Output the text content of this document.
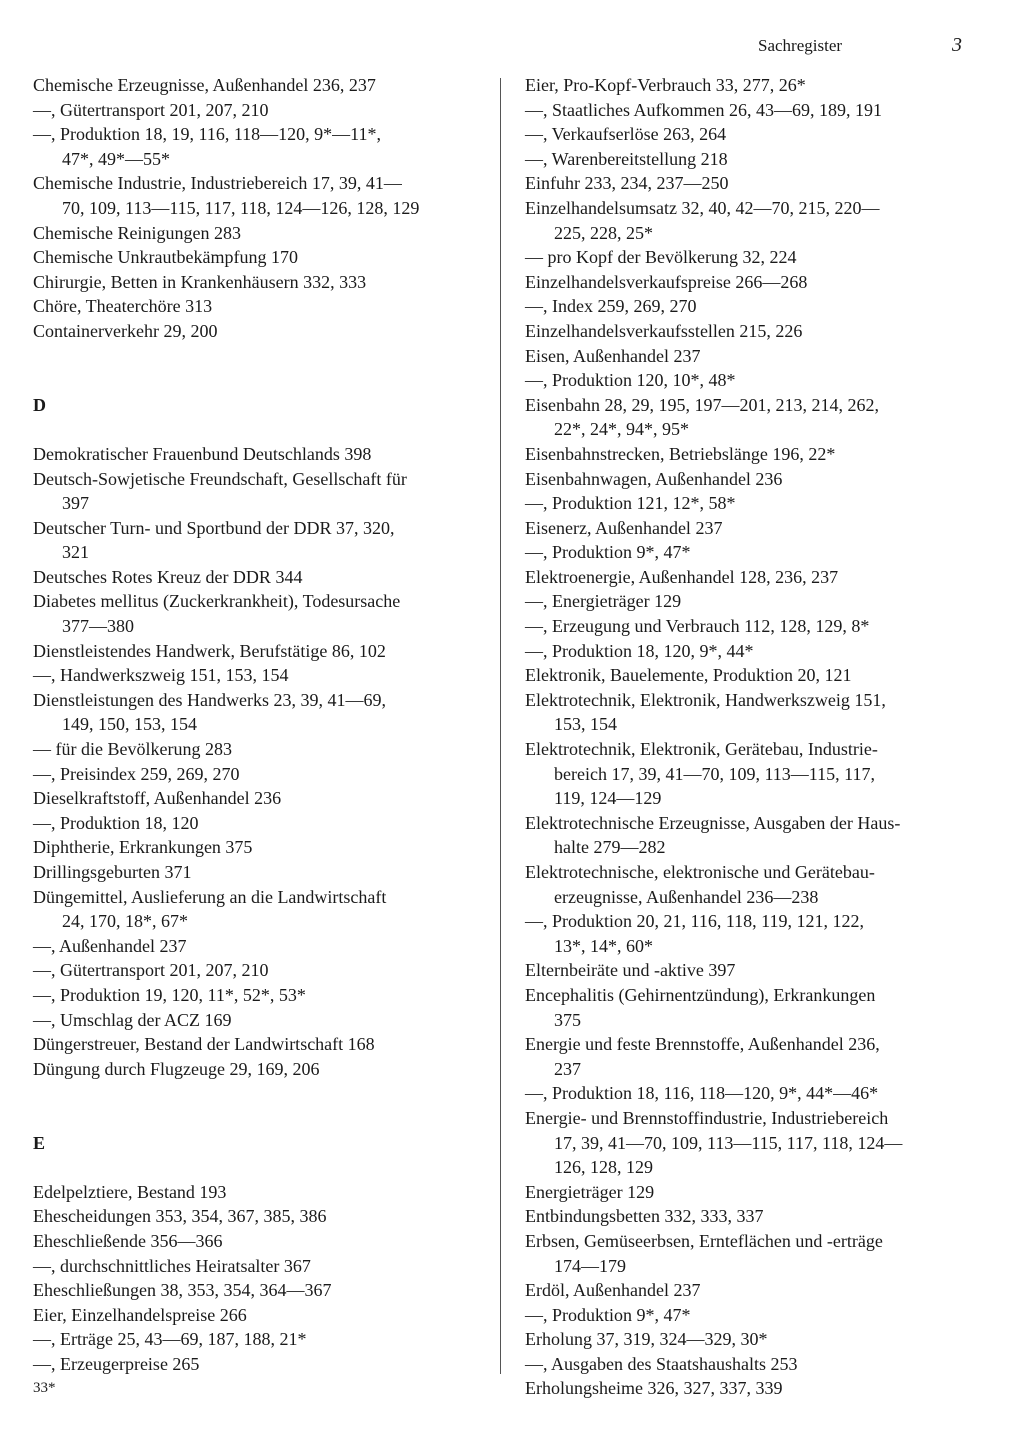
Sachregister	3
Chemische Erzeugnisse, Außenhandel 236, 237
—, Gütertransport 201, 207, 210
—, Produktion 18, 19, 116, 118—120, 9*—11*,
47*, 49*—55*
Chemische Industrie, Industriebereich 17, 39, 41—
70, 109, 113—115, 117, 118, 124—126, 128, 129
Chemische Reinigungen 283
Chemische Unkrautbekämpfung 170
Chirurgie, Betten in Krankenhäusern 332, 333
Chöre, Theaterchöre 313
Containerverkehr 29, 200
D
Demokratischer Frauenbund Deutschlands 398
Deutsch-Sowjetische Freundschaft, Gesellschaft für
397
Deutscher Turn- und Sportbund der DDR 37, 320,
321
Deutsches Rotes Kreuz der DDR 344
Diabetes mellitus (Zuckerkrankheit), Todesursache
377—380
Dienstleistendes Handwerk, Berufstätige 86, 102
—, Handwerkszweig 151, 153, 154
Dienstleistungen des Handwerks 23, 39, 41—69,
149, 150, 153, 154
— für die Bevölkerung 283
—, Preisindex 259, 269, 270
Dieselkraftstoff, Außenhandel 236
—, Produktion 18, 120
Diphtherie, Erkrankungen 375
Drillingsgeburten 371
Düngemittel, Auslieferung an die Landwirtschaft
24, 170, 18*, 67*
—, Außenhandel 237
—, Gütertransport 201, 207, 210
—, Produktion 19, 120, 11*, 52*, 53*
—, Umschlag der ACZ 169
Düngerstreuer, Bestand der Landwirtschaft 168
Düngung durch Flugzeuge 29, 169, 206
E
Edelpelztiere, Bestand 193
Ehescheidungen 353, 354, 367, 385, 386
Eheschließende 356—366
—, durchschnittliches Heiratsalter 367
Eheschließungen 38, 353, 354, 364—367
Eier, Einzelhandelspreise 266
—, Erträge 25, 43—69, 187, 188, 21*
—, Erzeugerpreise 265
Eier, Pro-Kopf-Verbrauch 33, 277, 26*
—, Staatliches Aufkommen 26, 43—69, 189, 191
—, Verkaufserlöse 263, 264
—, Warenbereitstellung 218
Einfuhr 233, 234, 237—250
Einzelhandelsumsatz 32, 40, 42—70, 215, 220—
225, 228, 25*
— pro Kopf der Bevölkerung 32, 224
Einzelhandelsverkaufspreise 266—268
—, Index 259, 269, 270
Einzelhandelsverkaufsstellen 215, 226
Eisen, Außenhandel 237
—, Produktion 120, 10*, 48*
Eisenbahn 28, 29, 195, 197—201, 213, 214, 262,
22*, 24*, 94*, 95*
Eisenbahnstrecken, Betriebslänge 196, 22*
Eisenbahnwagen, Außenhandel 236
—, Produktion 121, 12*, 58*
Eisenerz, Außenhandel 237
—, Produktion 9*, 47*
Elektroenergie, Außenhandel 128, 236, 237
—, Energieträger 129
—, Erzeugung und Verbrauch 112, 128, 129, 8*
—, Produktion 18, 120, 9*, 44*
Elektronik, Bauelemente, Produktion 20, 121
Elektrotechnik, Elektronik, Handwerkszweig 151,
153, 154
Elektrotechnik, Elektronik, Gerätebau, Industrie-
bereich 17, 39, 41—70, 109, 113—115, 117,
119, 124—129
Elektrotechnische Erzeugnisse, Ausgaben der Haus-
halte 279—282
Elektrotechnische, elektronische und Gerätebau-
erzeugnisse, Außenhandel 236—238
—, Produktion 20, 21, 116, 118, 119, 121, 122,
13*, 14*, 60*
Elternbeiräte und -aktive 397
Encephalitis (Gehirnentzündung), Erkrankungen
375
Energie und feste Brennstoffe, Außenhandel 236,
237
—, Produktion 18, 116, 118—120, 9*, 44*—46*
Energie- und Brennstoffindustrie, Industriebereich
17, 39, 41—70, 109, 113—115, 117, 118, 124—
126, 128, 129
Energieträger 129
Entbindungsbetten 332, 333, 337
Erbsen, Gemüseerbsen, Ernteflächen und -erträge
174—179
Erdöl, Außenhandel 237
—, Produktion 9*, 47*
Erholung 37, 319, 324—329, 30*
—, Ausgaben des Staatshaushalts 253
Erholungsheime 326, 327, 337, 339
33*
